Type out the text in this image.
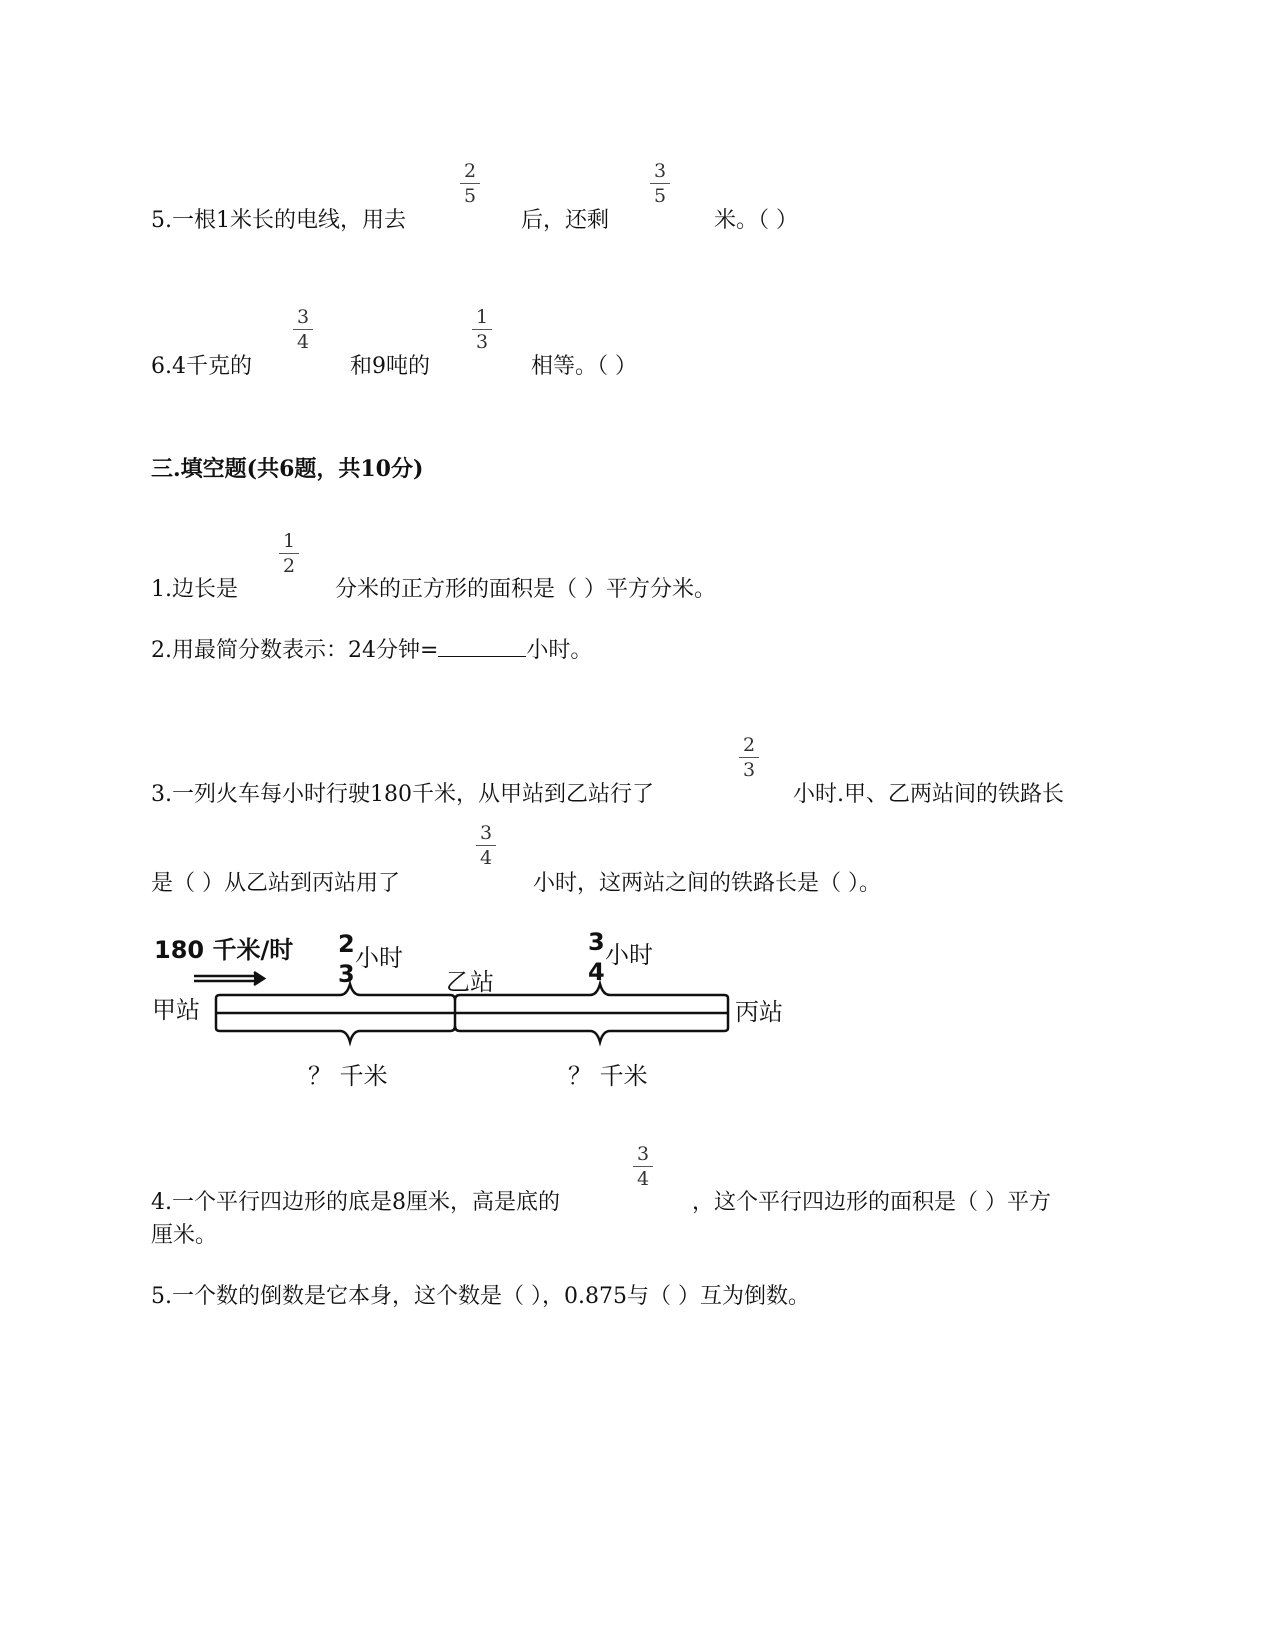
5.一根1米长的电线，用去
2
5
后，还剩
3
5
米。（ ）
6.4千克的
3
4
和9吨的
1
3
相等。（ ）
三.填空题(共6题，共10分)
1.边长是
1
2
分米的正方形的面积是（ ）平方分米。
2.用最简分数表示：24分钟=	小时。
3.一列火车每小时行驶180千米，从甲站到乙站行了
2
3
小时.甲、乙两站间的铁路长
是（ ）从乙站到丙站用了
3
4
小时，这两站之间的铁路长是（ ）。
180 千米/时 2
3
小时
3
4
小时
甲站
乙站
丙站
？ 千米	？ 千米
4.一个平行四边形的底是8厘米，高是底的
3
4
，这个平行四边形的面积是（ ）平方
厘米。
5.一个数的倒数是它本身，这个数是（ ），0.875与（ ）互为倒数。
